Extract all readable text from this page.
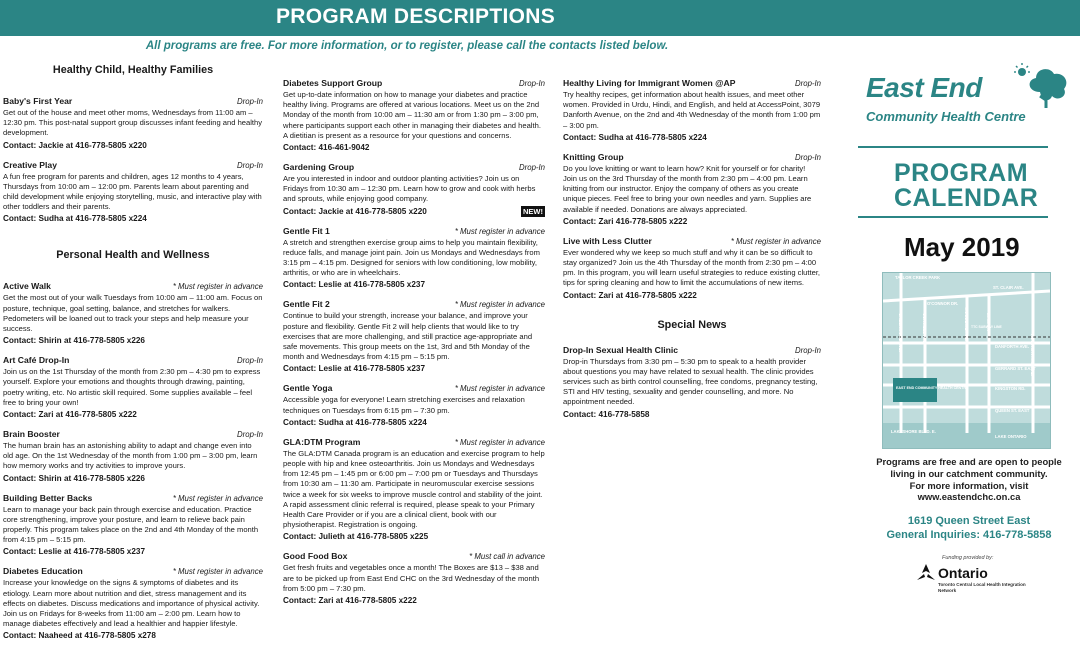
PROGRAM DESCRIPTIONS
All programs are free. For more information, or to register, please call the contacts listed below.
Healthy Child, Healthy Families
Baby's First Year	Drop-In
Get out of the house and meet other moms, Wednesdays from 11:00 am – 12:30 pm. This post-natal support group discusses infant feeding and healthy development.
Contact: Jackie at 416-778-5805 x220
Creative Play	Drop-In
A fun free program for parents and children, ages 12 months to 4 years, Thursdays from 10:00 am – 12:00 pm. Parents learn about parenting and child development while enjoying storytelling, music, and interactive play with other toddlers and their parents.
Contact: Sudha at 416-778-5805 x224
Personal Health and Wellness
Active Walk	* Must register in advance
Get the most out of your walk Tuesdays from 10:00 am – 11:00 am. Focus on posture, technique, goal setting, balance, and stretches for walkers. Pedometers will be loaned out to track your steps and help measure your success.
Contact: Shirin at 416-778-5805 x226
Art Café Drop-In	Drop-In
Join us on the 1st Thursday of the month from 2:30 pm – 4:30 pm to express yourself. Explore your emotions and thoughts through drawing, painting, poetry writing, etc. No artistic skill required. Some supplies available – feel free to bring your own!
Contact: Zari at 416-778-5805 x222
Brain Booster	Drop-In
The human brain has an astonishing ability to adapt and change even into old age. On the 1st Wednesday of the month from 1:00 pm – 3:00 pm, learn how memory works and try activities to improve yours.
Contact: Shirin at 416-778-5805 x226
Building Better Backs	* Must register in advance
Learn to manage your back pain through exercise and education. Practice core strengthening, improve your posture, and learn to relieve back pain properly. This program takes place on the 2nd and 4th Monday of the month from 4:15 pm – 5:15 pm.
Contact: Leslie at 416-778-5805 x237
Diabetes Education	* Must register in advance
Increase your knowledge on the signs & symptoms of diabetes and its etiology. Learn more about nutrition and diet, stress management and its effects on diabetes. Discuss medications and importance of physical activity. Join us on Fridays for 8-weeks from 11:00 am – 2:00 pm. Learn how to manage diabetes effectively and lead a healthier and happier lifestyle.
Contact: Naaheed at 416-778-5805 x278
Diabetes Support Group	Drop-In
Get up-to-date information on how to manage your diabetes and practice healthy living. Programs are offered at various locations. Meet us on the 2nd Monday of the month from 10:00 am – 11:30 am or from 1:30 pm – 3:00 pm, where participants support each other in managing their diabetes and health. A dietitian is present as a resource for your questions and concerns.
Contact: 416-461-9042
Gardening Group	Drop-In
Are you interested in indoor and outdoor planting activities? Join us on Fridays from 10:30 am – 12:30 pm. Learn how to grow and cook with herbs and sprouts, while enjoying good company.
Contact: Jackie at 416-778-5805 x220	NEW!
Gentle Fit 1	* Must register in advance
A stretch and strengthen exercise group aims to help you maintain flexibility, reduce falls, and manage joint pain. Join us Mondays and Wednesdays from 3:15 pm – 4:15 pm. Designed for seniors with low conditioning, low mobility, arthritis, or who are in wheelchairs.
Contact: Leslie at 416-778-5805 x237
Gentle Fit 2	* Must register in advance
Continue to build your strength, increase your balance, and improve your posture and flexibility. Gentle Fit 2 will help clients that would like to try exercises that are more challenging, and still practice age-appropriate and safe movements. This group meets on the 1st, 3rd and 5th Monday of the month and Wednesdays from 4:15 pm – 5:15 pm.
Contact: Leslie at 416-778-5805 x237
Gentle Yoga	* Must register in advance
Accessible yoga for everyone! Learn stretching exercises and relaxation techniques on Tuesdays from 6:15 pm – 7:30 pm.
Contact: Sudha at 416-778-5805 x224
GLA:DTM Program	* Must register in advance
The GLA:DTM Canada program is an education and exercise program to help people with hip and knee osteoarthritis. Join us Mondays and Wednesdays from 12:45 pm – 1:45 pm or 6:00 pm – 7:00 pm or Tuesdays and Thursdays from 10:30 am – 11:30 am. Participate in neuromuscular exercise sessions twice a week for six weeks to improve muscle control and stability of the joint. A rapid assessment clinic referral is required, please speak to your Primary Health Care Provider or if you are a clinical client, book with our physiotherapist. Registration is ongoing.
Contact: Julieth at 416-778-5805 x225
Good Food Box	* Must call in advance
Get fresh fruits and vegetables once a month! The Boxes are $13 – $38 and are to be picked up from East End CHC on the 3rd Wednesday of the month from 5:00 pm – 7:30 pm.
Contact: Zari at 416-778-5805 x222
Healthy Living for Immigrant Women @AP	Drop-In
Try healthy recipes, get information about health issues, and meet other women. Provided in Urdu, Hindi, and English, and held at AccessPoint, 3079 Danforth Avenue, on the 2nd and 4th Wednesday of the month from 1:00 pm – 3:00 pm.
Contact: Sudha at 416-778-5805 x224
Knitting Group	Drop-In
Do you love knitting or want to learn how? Knit for yourself or for charity! Join us on the 3rd Thursday of the month from 2:30 pm – 4:00 pm. Learn knitting from our instructor. Enjoy the company of others as you create unique pieces. Feel free to bring your own needles and yarn. Supplies are available if needed. Donations are always appreciated.
Contact: Zari 416-778-5805 x222
Live with Less Clutter	* Must register in advance
Ever wondered why we keep so much stuff and why it can be so difficult to stay organized? Join us the 4th Thursday of the month from 2:30 pm – 4:00 pm. In this program, you will learn useful strategies to reduce existing clutter, tips for spring cleaning and how to limit the accumulations of new items.
Contact: Zari at 416-778-5805 x222
Special News
Drop-In Sexual Health Clinic	Drop-In
Drop-in Thursdays from 3:30 pm – 5:30 pm to speak to a health provider about questions you may have related to sexual health. The clinic provides services such as birth control counselling, free condoms, pregnancy testing, STI and HIV testing, sexuality and gender counselling, and more. No appointment needed.
Contact: 416-778-5858
East End
Community Health Centre
PROGRAM
CALENDAR
May 2019
TAYLOR CREEK PARK
O'CONNOR DR.
ST. CLAIR AVE.
DANFORTH AVE.
GERRARD ST. EAST
KINGSTON RD.
QUEEN ST. EAST
LAKESHORE BLVD. E.
LAKE ONTARIO
EAST END COMMUNITY HEALTH CENTRE
TTC SUBWAY LINE
GREENWOOD AVE.	COXWELL AVE.	WOODBINE AVE.	MAIN ST.
VICTORIA PARK AVE.
Programs are free and are open to people
living in our catchment community.
For more information, visit
www.eastendchc.on.ca
1619 Queen Street East
General Inquiries: 416-778-5858
Funding provided by:
Ontario
Toronto Central Local Health Integration Network
